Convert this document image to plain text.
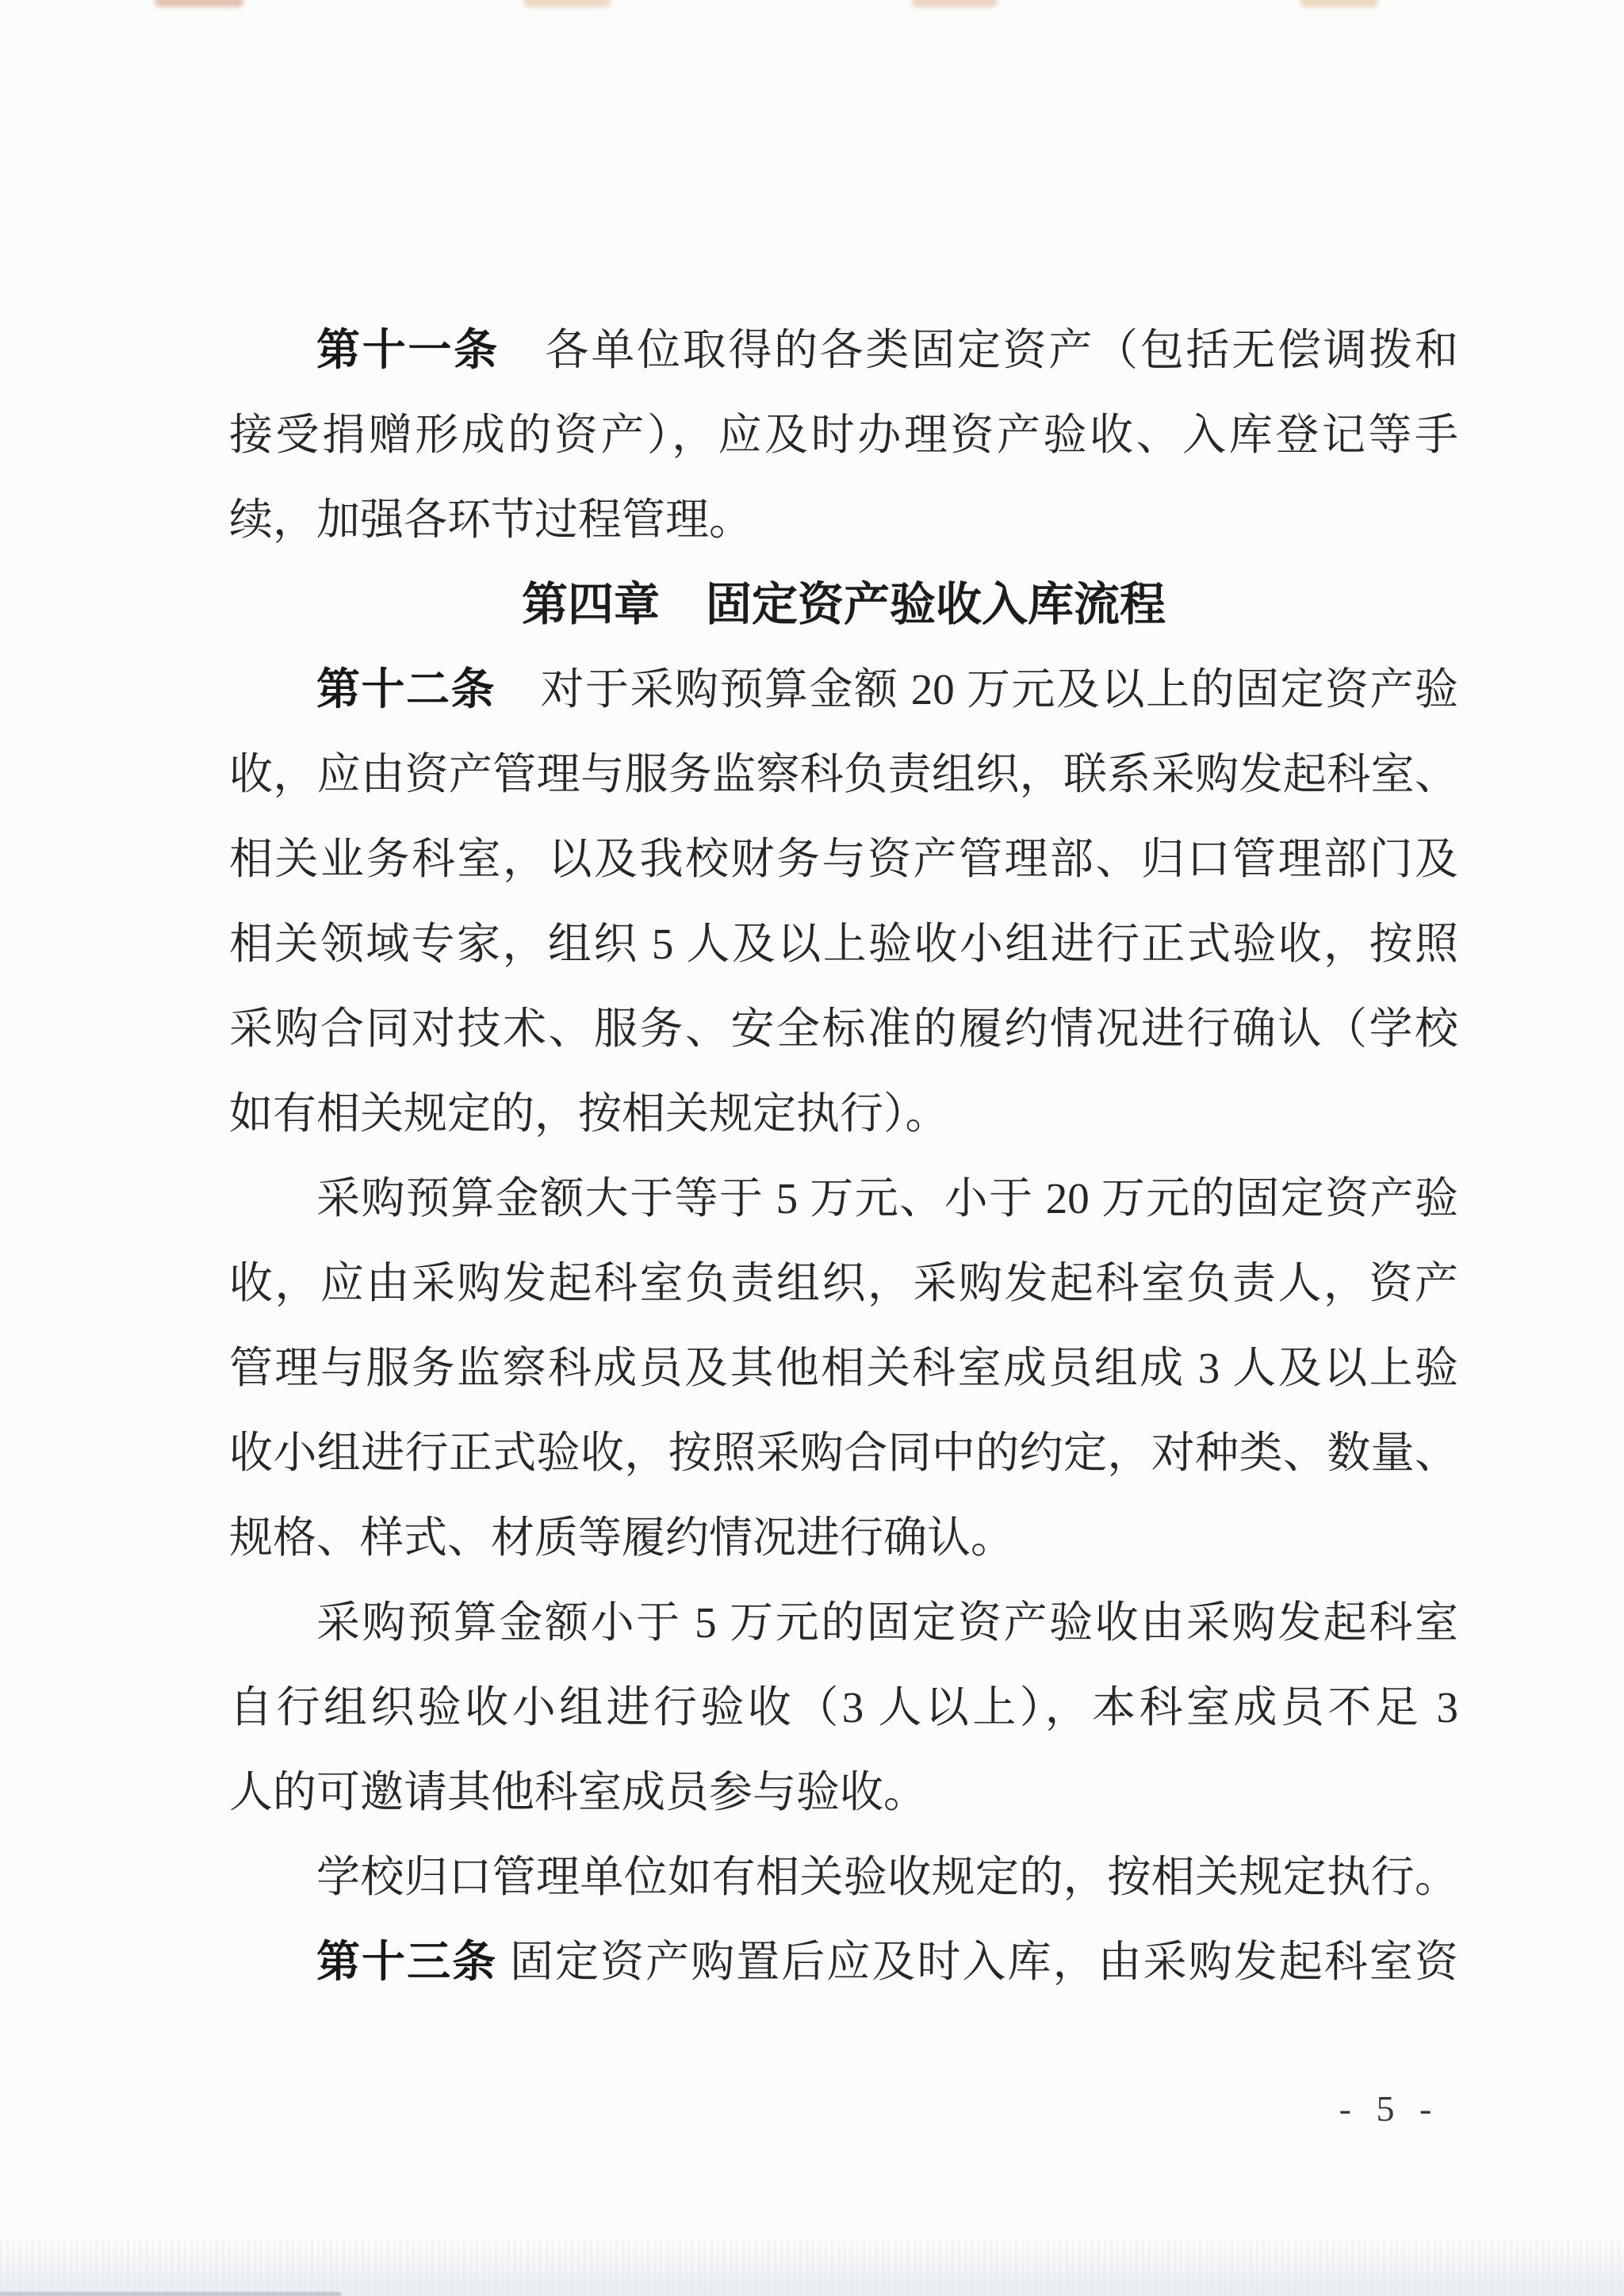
第十一条　各单位取得的各类固定资产（包括无偿调拨和
接受捐赠形成的资产），应及时办理资产验收、入库登记等手
续，加强各环节过程管理。
第四章　固定资产验收入库流程
第十二条　对于采购预算金额 20 万元及以上的固定资产验
收，应由资产管理与服务监察科负责组织，联系采购发起科室、
相关业务科室，以及我校财务与资产管理部、归口管理部门及
相关领域专家，组织 5 人及以上验收小组进行正式验收，按照
采购合同对技术、服务、安全标准的履约情况进行确认（学校
如有相关规定的，按相关规定执行）。
采购预算金额大于等于 5 万元、小于 20 万元的固定资产验
收，应由采购发起科室负责组织，采购发起科室负责人，资产
管理与服务监察科成员及其他相关科室成员组成 3 人及以上验
收小组进行正式验收，按照采购合同中的约定，对种类、数量、
规格、样式、材质等履约情况进行确认。
采购预算金额小于 5 万元的固定资产验收由采购发起科室
自行组织验收小组进行验收（3 人以上），本科室成员不足 3
人的可邀请其他科室成员参与验收。
学校归口管理单位如有相关验收规定的，按相关规定执行。
第十三条 固定资产购置后应及时入库，由采购发起科室资
- 5 -
